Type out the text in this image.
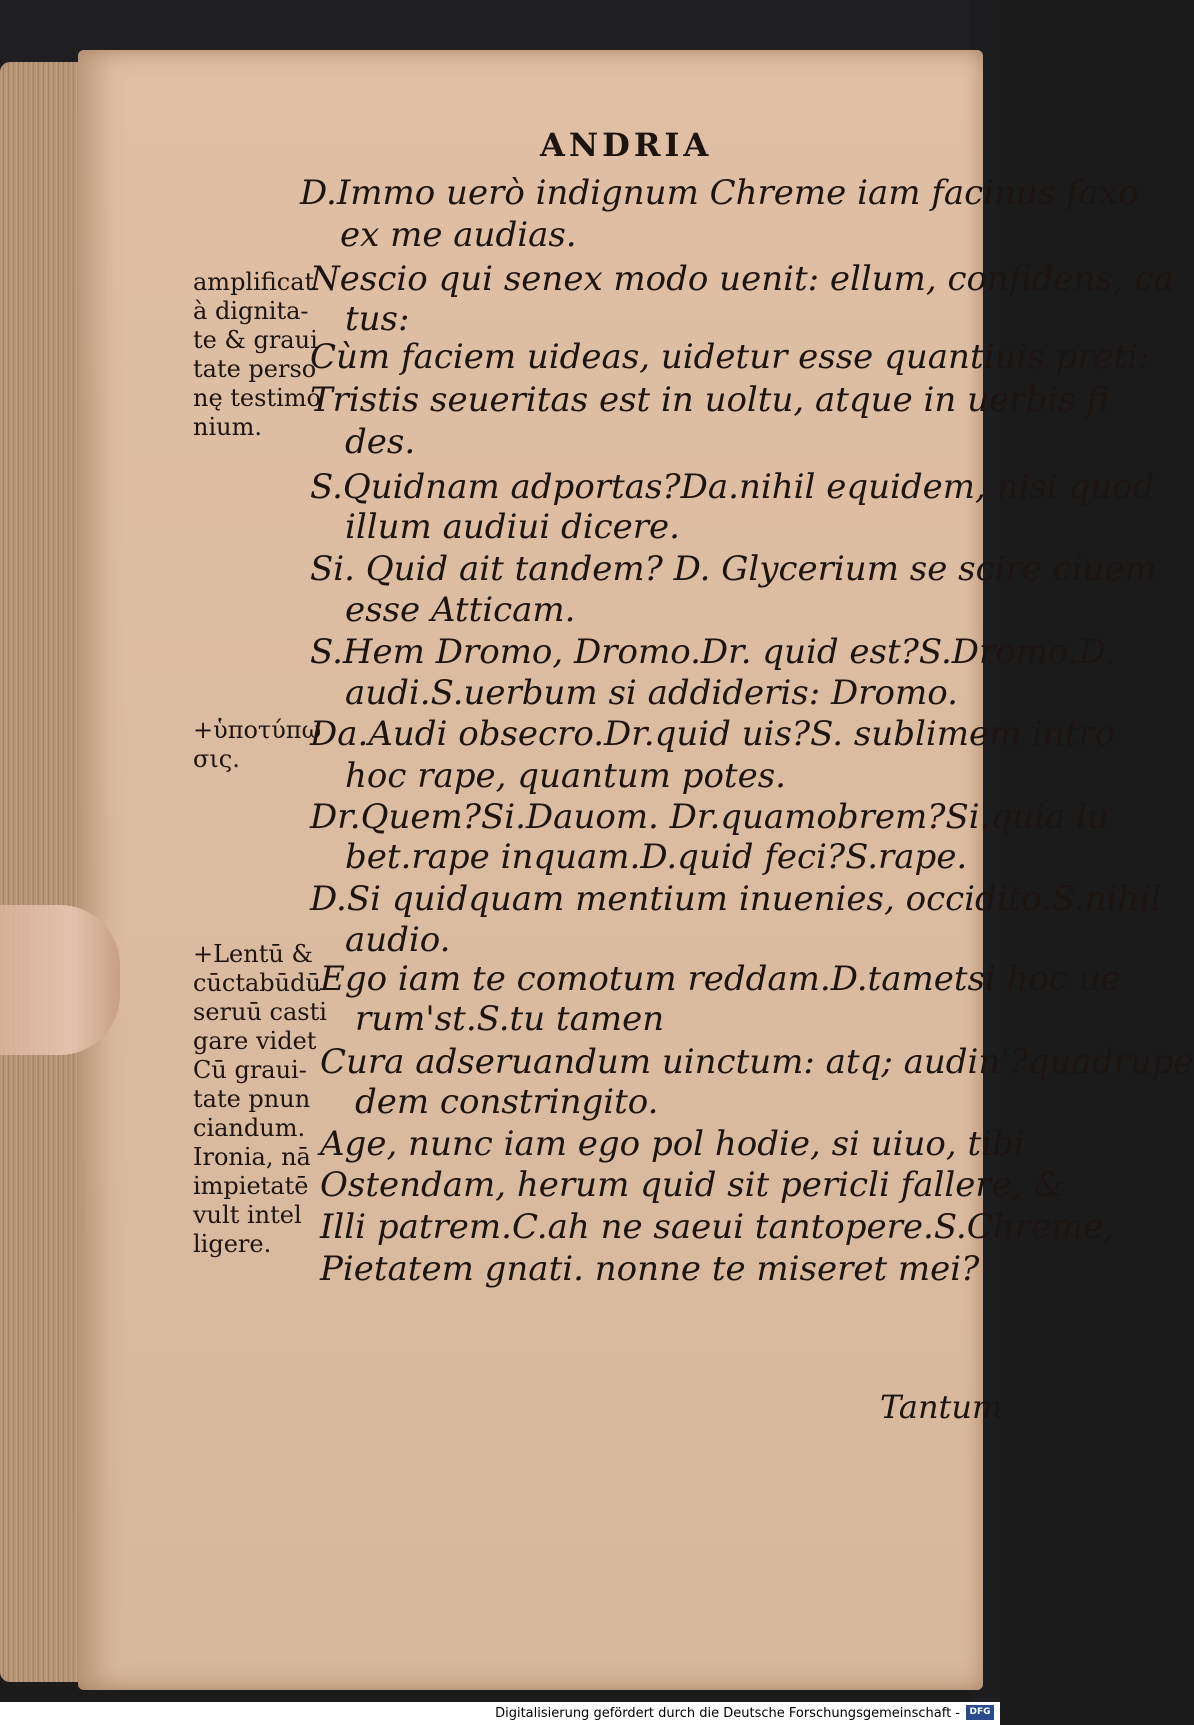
ANDRIA
D.Immo uerò indignum Chreme iam facinus faxo
ex me audias.
Nescio qui senex modo uenit: ellum, confidens, ca
tus:
Cùm faciem uideas, uidetur esse quantiuis preti:
Tristis seueritas est in uoltu, atque in uerbis fi
des.
S.Quidnam adportas?Da.nihil equidem, nisi quod
illum audiui dicere.
Si. Quid ait tandem? D. Glycerium se scire ciuem
esse Atticam.
S.Hem Dromo, Dromo.Dr. quid est?S.Dromo.D.
audi.S.uerbum si addideris: Dromo.
Da.Audi obsecro.Dr.quid uis?S. sublimem intro
hoc rape, quantum potes.
Dr.Quem?Si.Dauom. Dr.quamobrem?Si.quia lu
bet.rape inquam.D.quid feci?S.rape.
D.Si quidquam mentium inuenies, occidito.S.nihil
audio.
Ego iam te comotum reddam.D.tametsi hoc ue
rum'st.S.tu tamen
Cura adseruandum uinctum: atq; audin'?quadrupe
dem constringito.
Age, nunc iam ego pol hodie, si uiuo, tibi
Ostendam, herum quid sit pericli fallere, &
Illi patrem.C.ah ne saeui tantopere.S.Chreme,
Pietatem gnati. nonne te miseret mei?
amplificat
à dignita-
te & graui
tate perso
nę testimo
nium.
+ὑποτύπω
σις.
+Lentū &
cūctabūdū
seruū casti
gare videt
Cū graui-
tate pnun
ciandum.
Ironia, nā
impietatē
vult intel
ligere.
Tantum
Digitalisierung gefördert durch die Deutsche Forschungsgemeinschaft -	DFG
